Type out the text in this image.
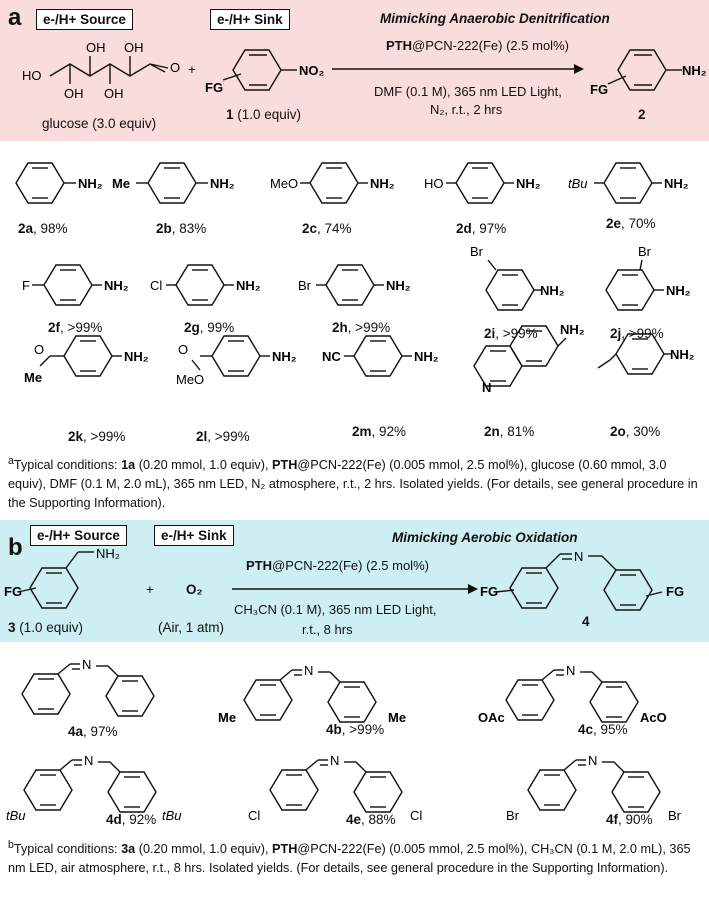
a	e-/H+ Source	e-/H+ Sink	Mimicking Anaerobic Denitrification
OH OH
HO
OH OH
O
glucose (3.0 equiv)
+	NO₂
FG
1 (1.0 equiv)
PTH@PCN-222(Fe) (2.5 mol%)
DMF (0.1 M), 365 nm LED Light,
N₂, r.t., 2 hrs
NH₂
FG
2
NH₂ Me	NH₂	MeO	NH₂ HO	NH₂ tBu	NH₂
F	NH₂ Cl	NH₂	Br	NH₂
Br
NH₂
Br
NH₂
Me
O	NH₂ O
MeO
NH₂ NC	NH₂
NH₂
N
NH₂
2a, 98%	2b, 83%	2c, 74%	2d, 97%	2e, 70%
2f, >99%	2g, 99%	2h, >99%	2i, >99%	2j, >99%
2k, >99%	2l, >99%	2m, 92%	2n, 81%	2o, 30%
$^a$Typical conditions: 1a (0.20 mmol, 1.0 equiv), PTH@PCN-222(Fe) (0.005 mmol, 2.5 mol%), glucose (0.60 mmol, 3.0 equiv), DMF (0.1 M, 2.0 mL), 365 nm LED, N₂ atmosphere, r.t., 2 hrs. Isolated yields. (For details, see general procedure in the Supporting Information).
b	e-/H+ Source	e-/H+ Sink	Mimicking Aerobic Oxidation
NH₂
FG
3 (1.0 equiv)
+ O₂
(Air, 1 atm)
PTH@PCN-222(Fe) (2.5 mol%)
CH₃CN (0.1 M), 365 nm LED Light,
r.t., 8 hrs
N
FG	FG
4
N	N
Me	Me
N
OAc	AcO
N
tBu	tBu
N
Cl	Cl
N
Br	Br
4a, 97%	4b, >99%	4c, 95%
4d, 92%	4e, 88%	4f, 90%
$^b$Typical conditions: 3a (0.20 mmol, 1.0 equiv), PTH@PCN-222(Fe) (0.005 mmol, 2.5 mol%), CH₃CN (0.1 M, 2.0 mL), 365 nm LED, air atmosphere, r.t., 8 hrs. Isolated yields. (For details, see general procedure in the Supporting Information).
